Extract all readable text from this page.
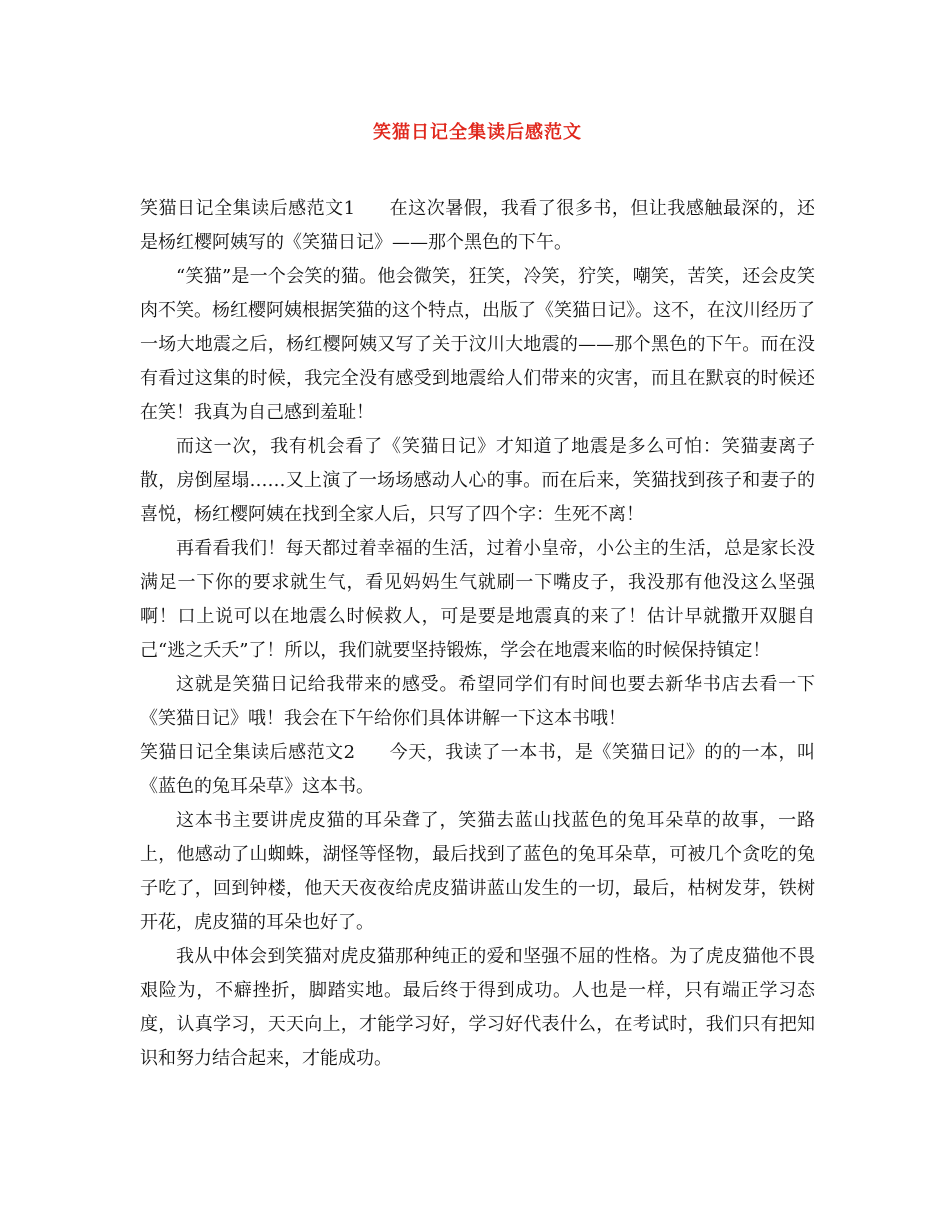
笑猫日记全集读后感范文
笑猫日记全集读后感范文1 在这次暑假，我看了很多书，但让我感触最深的，还是杨红樱阿姨写的《笑猫日记》——那个黑色的下午。

“笑猫”是一个会笑的猫。他会微笑，狂笑，冷笑，狞笑，嘲笑，苦笑，还会皮笑肉不笑。杨红樱阿姨根据笑猫的这个特点，出版了《笑猫日记》。这不，在汶川经历了一场大地震之后，杨红樱阿姨又写了关于汶川大地震的——那个黑色的下午。而在没有看过这集的时候，我完全没有感受到地震给人们带来的灾害，而且在默哀的时候还在笑！我真为自己感到羞耻！

而这一次，我有机会看了《笑猫日记》才知道了地震是多么可怕：笑猫妻离子散，房倒屋塌……又上演了一场场感动人心的事。而在后来，笑猫找到孩子和妻子的喜悦，杨红樱阿姨在找到全家人后，只写了四个字：生死不离！

再看看我们！每天都过着幸福的生活，过着小皇帝，小公主的生活，总是家长没满足一下你的要求就生气，看见妈妈生气就刷一下嘴皮子，我没那有他没这么坚强啊！口上说可以在地震么时候救人，可是要是地震真的来了！估计早就撒开双腿自己“逃之夭夭”了！所以，我们就要坚持锻炼，学会在地震来临的时候保持镇定！

这就是笑猫日记给我带来的感受。希望同学们有时间也要去新华书店去看一下《笑猫日记》哦！我会在下午给你们具体讲解一下这本书哦！

笑猫日记全集读后感范文2 今天，我读了一本书，是《笑猫日记》的的一本，叫《蓝色的兔耳朵草》这本书。

这本书主要讲虎皮猫的耳朵聋了，笑猫去蓝山找蓝色的兔耳朵草的故事，一路上，他感动了山蜘蛛，湖怪等怪物，最后找到了蓝色的兔耳朵草，可被几个贪吃的兔子吃了，回到钟楼，他天天夜夜给虎皮猫讲蓝山发生的一切，最后，枯树发芽，铁树开花，虎皮猫的耳朵也好了。

我从中体会到笑猫对虎皮猫那种纯正的爱和坚强不屈的性格。为了虎皮猫他不畏艰险为，不癖挫折，脚踏实地。最后终于得到成功。人也是一样，只有端正学习态度，认真学习，天天向上，才能学习好，学习好代表什么，在考试时，我们只有把知识和努力结合起来，才能成功。
